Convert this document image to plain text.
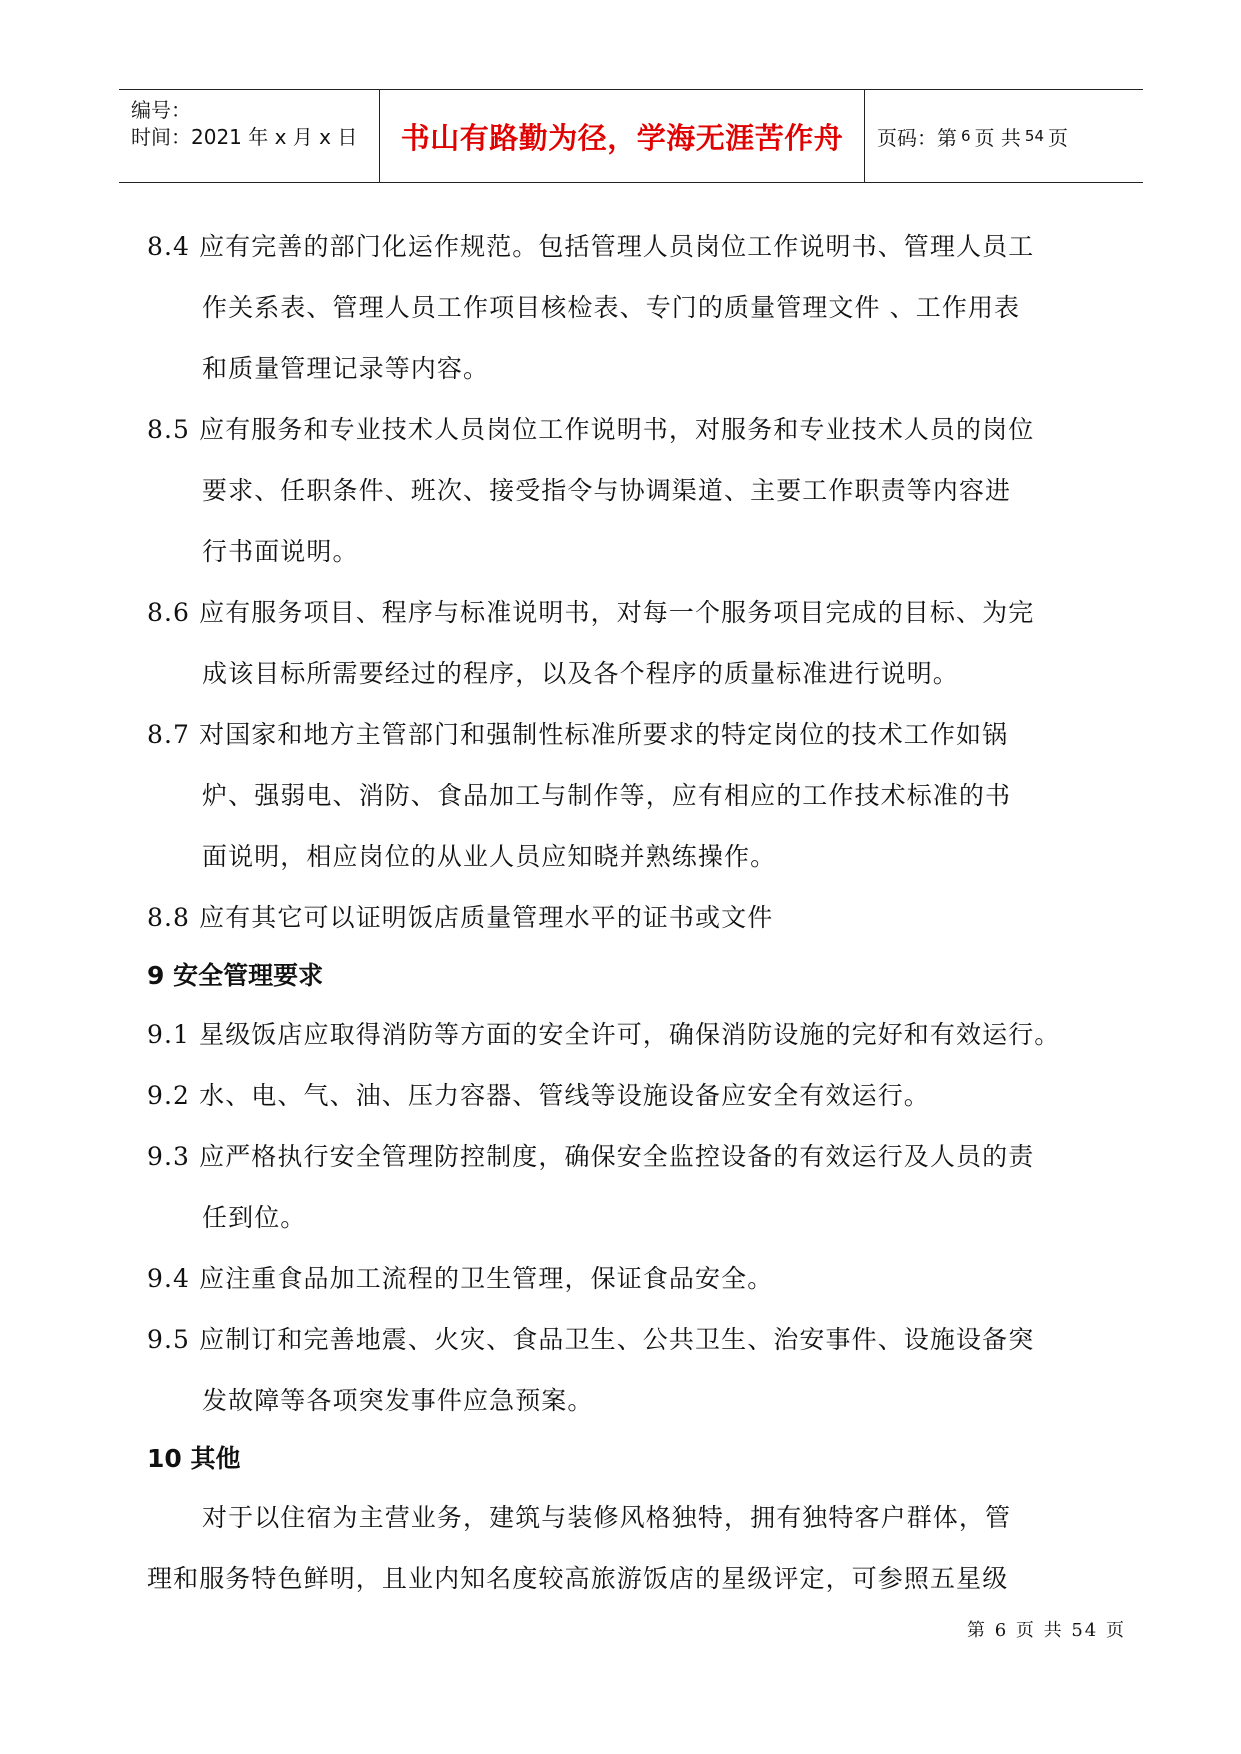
编号：
时间：2021 年 x 月 x 日	书山有路勤为径，学海无涯苦作舟	页码：第 6 页 共 54 页
8.4 应有完善的部门化运作规范。包括管理人员岗位工作说明书、管理人员工
作关系表、管理人员工作项目核检表、专门的质量管理文件 、工作用表
和质量管理记录等内容。
8.5 应有服务和专业技术人员岗位工作说明书，对服务和专业技术人员的岗位
要求、任职条件、班次、接受指令与协调渠道、主要工作职责等内容进
行书面说明。
8.6 应有服务项目、程序与标准说明书，对每一个服务项目完成的目标、为完
成该目标所需要经过的程序，以及各个程序的质量标准进行说明。
8.7 对国家和地方主管部门和强制性标准所要求的特定岗位的技术工作如锅
炉、强弱电、消防、食品加工与制作等，应有相应的工作技术标准的书
面说明，相应岗位的从业人员应知晓并熟练操作。
8.8 应有其它可以证明饭店质量管理水平的证书或文件
9 安全管理要求
9.1 星级饭店应取得消防等方面的安全许可，确保消防设施的完好和有效运行。
9.2 水、电、气、油、压力容器、管线等设施设备应安全有效运行。
9.3 应严格执行安全管理防控制度，确保安全监控设备的有效运行及人员的责
任到位。
9.4 应注重食品加工流程的卫生管理，保证食品安全。
9.5 应制订和完善地震、火灾、食品卫生、公共卫生、治安事件、设施设备突
发故障等各项突发事件应急预案。
10 其他
对于以住宿为主营业务，建筑与装修风格独特，拥有独特客户群体，管
理和服务特色鲜明，且业内知名度较高旅游饭店的星级评定，可参照五星级
第 6 页 共 54 页
